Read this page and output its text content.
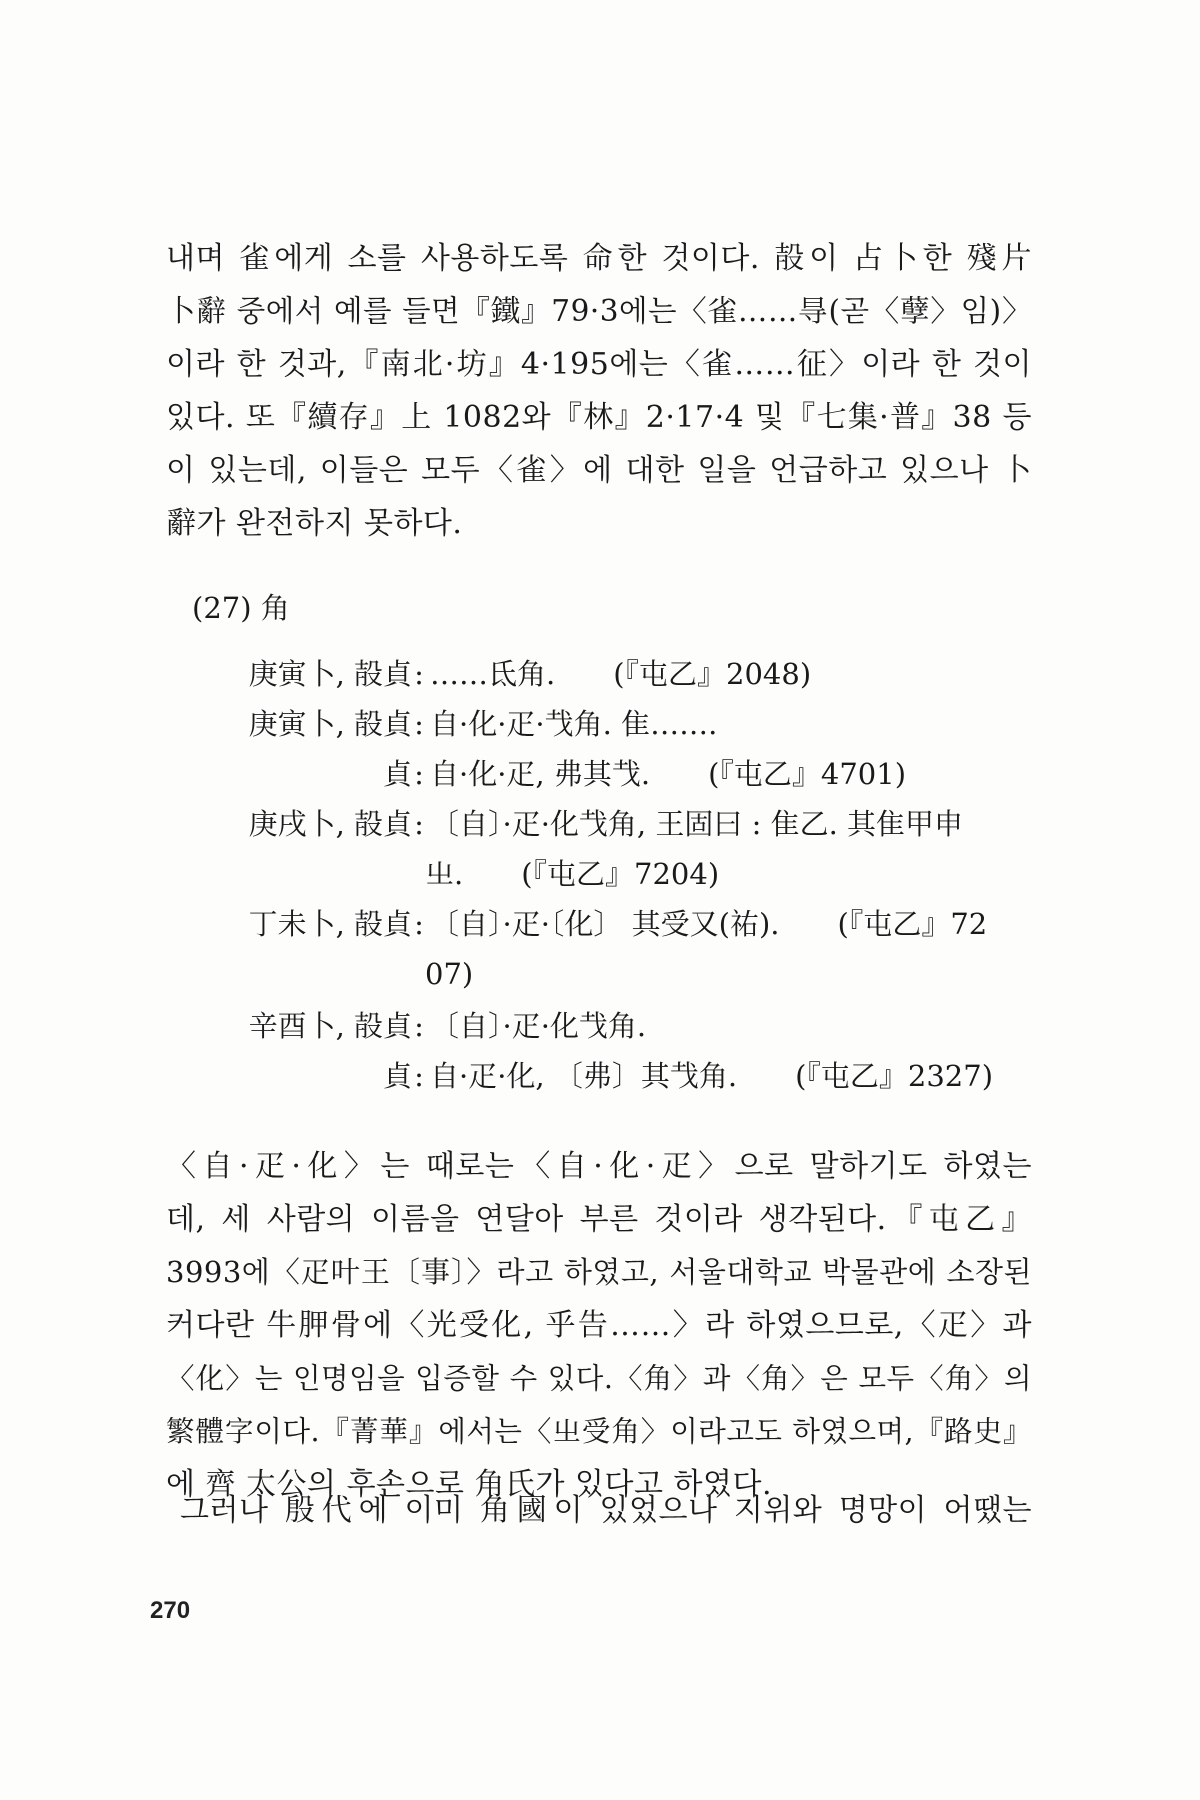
내며 雀에게 소를 사용하도록 命한 것이다. 㱿이 占卜한 殘片
卜辭 중에서 예를 들면『鐵』79·3에는〈雀……㝵(곧〈孽〉임)〉
이라 한 것과,『南北·坊』4·195에는〈雀……征〉이라 한 것이
있다. 또『續存』上 1082와『林』2·17·4 및『七集·普』38 등
이 있는데, 이들은 모두〈雀〉에 대한 일을 언급하고 있으나 卜
辭가 완전하지 못하다.
(27) 角
庚寅卜, 㱿貞 : ……氐角.　　(『屯乙』2048)
庚寅卜, 㱿貞 : 自·化·疋·𢦏角. 隹…….
貞 : 自·化·疋, 弗其𢦏.　　(『屯乙』4701)
庚戌卜, 㱿貞 : 〔自〕·疋·化𢦏角, 王固曰 : 隹乙. 其隹甲申
㞢.　　(『屯乙』7204)
丁未卜, 㱿貞 : 〔自〕·疋·〔化〕 其受又(祐).　　(『屯乙』72
07)
辛酉卜, 㱿貞 : 〔自〕·疋·化𢦏角.
貞 : 自·疋·化, 〔弗〕其𢦏角.　　(『屯乙』2327)
〈自·疋·化〉는 때로는〈自·化·疋〉으로 말하기도 하였는
데, 세 사람의 이름을 연달아 부른 것이라 생각된다.『屯乙』
3993에〈疋叶王〔事〕〉라고 하였고, 서울대학교 박물관에 소장된
커다란 牛胛骨에〈光受化, 乎告……〉라 하였으므로,〈疋〉과
〈化〉는 인명임을 입증할 수 있다.〈角〉과〈角〉은 모두〈角〉의
繁體字이다.『菁華』에서는〈㞢受角〉이라고도 하였으며,『路史』
에 齊 太公의 후손으로 角氏가 있다고 하였다.
그러나 殷代에 이미 角國이 있었으나 지위와 명망이 어땠는
270
